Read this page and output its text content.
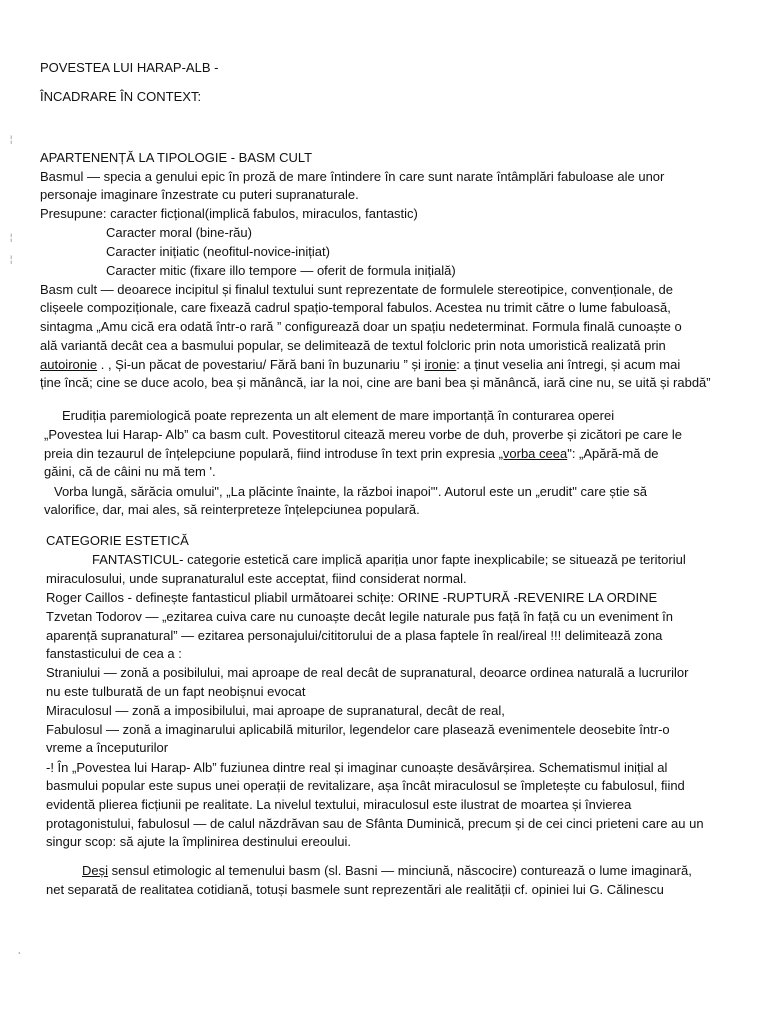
POVESTEA LUI HARAP-ALB -
ÎNCADRARE ÎN CONTEXT:
¦
¦
¦
APARTENENȚĂ LA TIPOLOGIE - BASM CULT
Basmul — specia a genului epic în proză de mare întindere în care sunt narate întâmplări fabuloase ale unor
personaje imaginare înzestrate cu puteri supranaturale.
Presupune: caracter ficțional(implică fabulos, miraculos, fantastic)
Caracter moral (bine-rău)
Caracter inițiatic (neofitul-novice-inițiat)
Caracter mitic (fixare illo tempore — oferit de formula inițială)
Basm cult — deoarece incipitul și finalul textului sunt reprezentate de formulele stereotipice, convenționale, de
clișeele compoziționale, care fixează cadrul spațio-temporal fabulos. Acestea nu trimit către o lume fabuloasă,
sintagma „Amu cică era odată într-o rară ” configurează doar un spațiu nedeterminat. Formula finală cunoaște o
ală variantă decât cea a basmului popular, se delimitează de textul folcloric prin nota umoristică realizată prin
autoironie . , Și-un păcat de povestariu/ Fără bani în buzunariu ” și ironie: a ținut veselia ani întregi, și acum mai
ține încă; cine se duce acolo, bea și mănâncă, iar la noi, cine are bani bea și mănâncă, iară cine nu, se uită și rabdă”
Erudiția paremiologică poate reprezenta un alt element de mare importanță în conturarea operei
„Povestea lui Harap- Alb” ca basm cult. Povestitorul citează mereu vorbe de duh, proverbe și zicători pe care le
preia din tezaurul de înțelepciune populară, fiind introduse în text prin expresia „vorba ceea": „Apără-mă de
găini, că de câini nu mă tem '.
Vorba lungă, sărăcia omului", „La plăcinte înainte, la război inapoi"'. Autorul este un „erudit" care știe să
valorifice, dar, mai ales, să reinterpreteze înțelepciunea populară.
CATEGORIE ESTETICĂ
FANTASTICUL- categorie estetică care implică apariția unor fapte inexplicabile; se situează pe teritoriul
miraculosului, unde supranaturalul este acceptat, fiind considerat normal.
Roger Caillos - definește fantasticul pliabil următoarei schițe: ORINE -RUPTURĂ -REVENIRE LA ORDINE
Tzvetan Todorov — „ezitarea cuiva care nu cunoaște decât legile naturale pus față în față cu un eveniment în
aparență supranatural” — ezitarea personajului/cititorului de a plasa faptele în real/ireal !!! delimitează zona
fanstasticului de cea a :
Straniului — zonă a posibilului, mai aproape de real decât de supranatural, deoarce ordinea naturală a lucrurilor
nu este tulburată de un fapt neobișnui evocat
Miraculosul — zonă a imposibilului, mai aproape de supranatural, decât de real,
Fabulosul — zonă a imaginarului aplicabilă miturilor, legendelor care plasează evenimentele deosebite într-o
vreme a începuturilor
-! În „Povestea lui Harap- Alb” fuziunea dintre real și imaginar cunoaște desăvârșirea. Schematismul inițial al
basmului popular este supus unei operații de revitalizare, așa încât miraculosul se împletește cu fabulosul, fiind
evidentă plierea ficțiunii pe realitate. La nivelul textului, miraculosul este ilustrat de moartea și învierea
protagonistului, fabulosul — de calul năzdrăvan sau de Sfânta Duminică, precum și de cei cinci prieteni care au un
singur scop: să ajute la împlinirea destinului ereoului.
Deși sensul etimologic al temenului basm (sl. Basni — minciună, născocire) conturează o lume imaginară,
net separată de realitatea cotidiană, totuși basmele sunt reprezentări ale realității cf. opiniei lui G. Călinescu
¸
